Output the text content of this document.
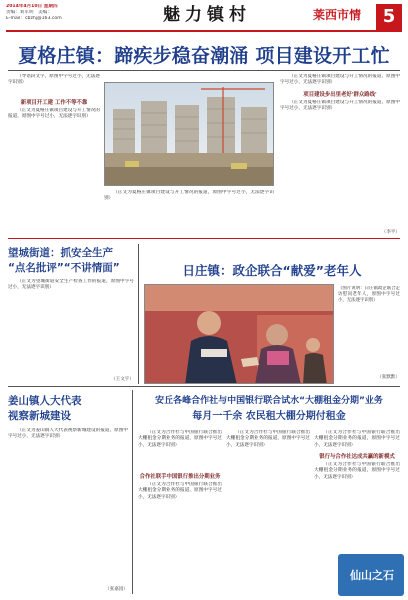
2014年4月10日 星期四
责编：刘军明　美编：
E-mail：cbzhj@163.com	魅力镇村	莱西市情	5
夏格庄镇：蹄疾步稳奋潮涌 项目建设开工忙
（导语段文字，原图中字号过小，无法逐字识别）
新项目开工建 工作不等不靠

（正文为夏格庄镇项目建设与开工情况的报道，原图中字号过小，无法逐字识别）

（正文为夏格庄镇项目建设与开工情况的报道，原图中字号过小，无法逐字识别）

（正文为夏格庄镇项目建设与开工情况的报道，原图中字号过小，无法逐字识别）

项目建设步出里老好'群众路线'

（正文为夏格庄镇项目建设与开工情况的报道，原图中字号过小，无法逐字识别）

（李平）
望城街道：抓安全生产
“点名批评”“不讲情面”

（正文为望城街道安全生产检查工作的报道，原图中字号过小，无法逐字识别）

（王文宇）
日庄镇：政企联合“献爱”老年人
（图片说明：日庄镇政企联合走访慰问老年人，原图中字号过小，无法逐字识别）
（张默默）
姜山镇人大代表
视察新城建设

（正文为姜山镇人大代表视察新城建设的报道，原图中字号过小，无法逐字识别）

（张嘉园）
安丘各峰合作社与中国银行联合试水“大棚租金分期”业务
每月一千余 农民租大棚分期付租金

（正文为合作社与中国银行联合推出大棚租金分期业务的报道，原图中字号过小，无法逐字识别）

合作社联手中国银行推出分期业务

（正文为合作社与中国银行联合推出大棚租金分期业务的报道，原图中字号过小，无法逐字识别）

（正文为合作社与中国银行联合推出大棚租金分期业务的报道，原图中字号过小，无法逐字识别）

（正文为合作社与中国银行联合推出大棚租金分期业务的报道，原图中字号过小，无法逐字识别）

银行与合作社达成共赢的新模式

（正文为合作社与中国银行联合推出大棚租金分期业务的报道，原图中字号过小，无法逐字识别）

仙山之石
